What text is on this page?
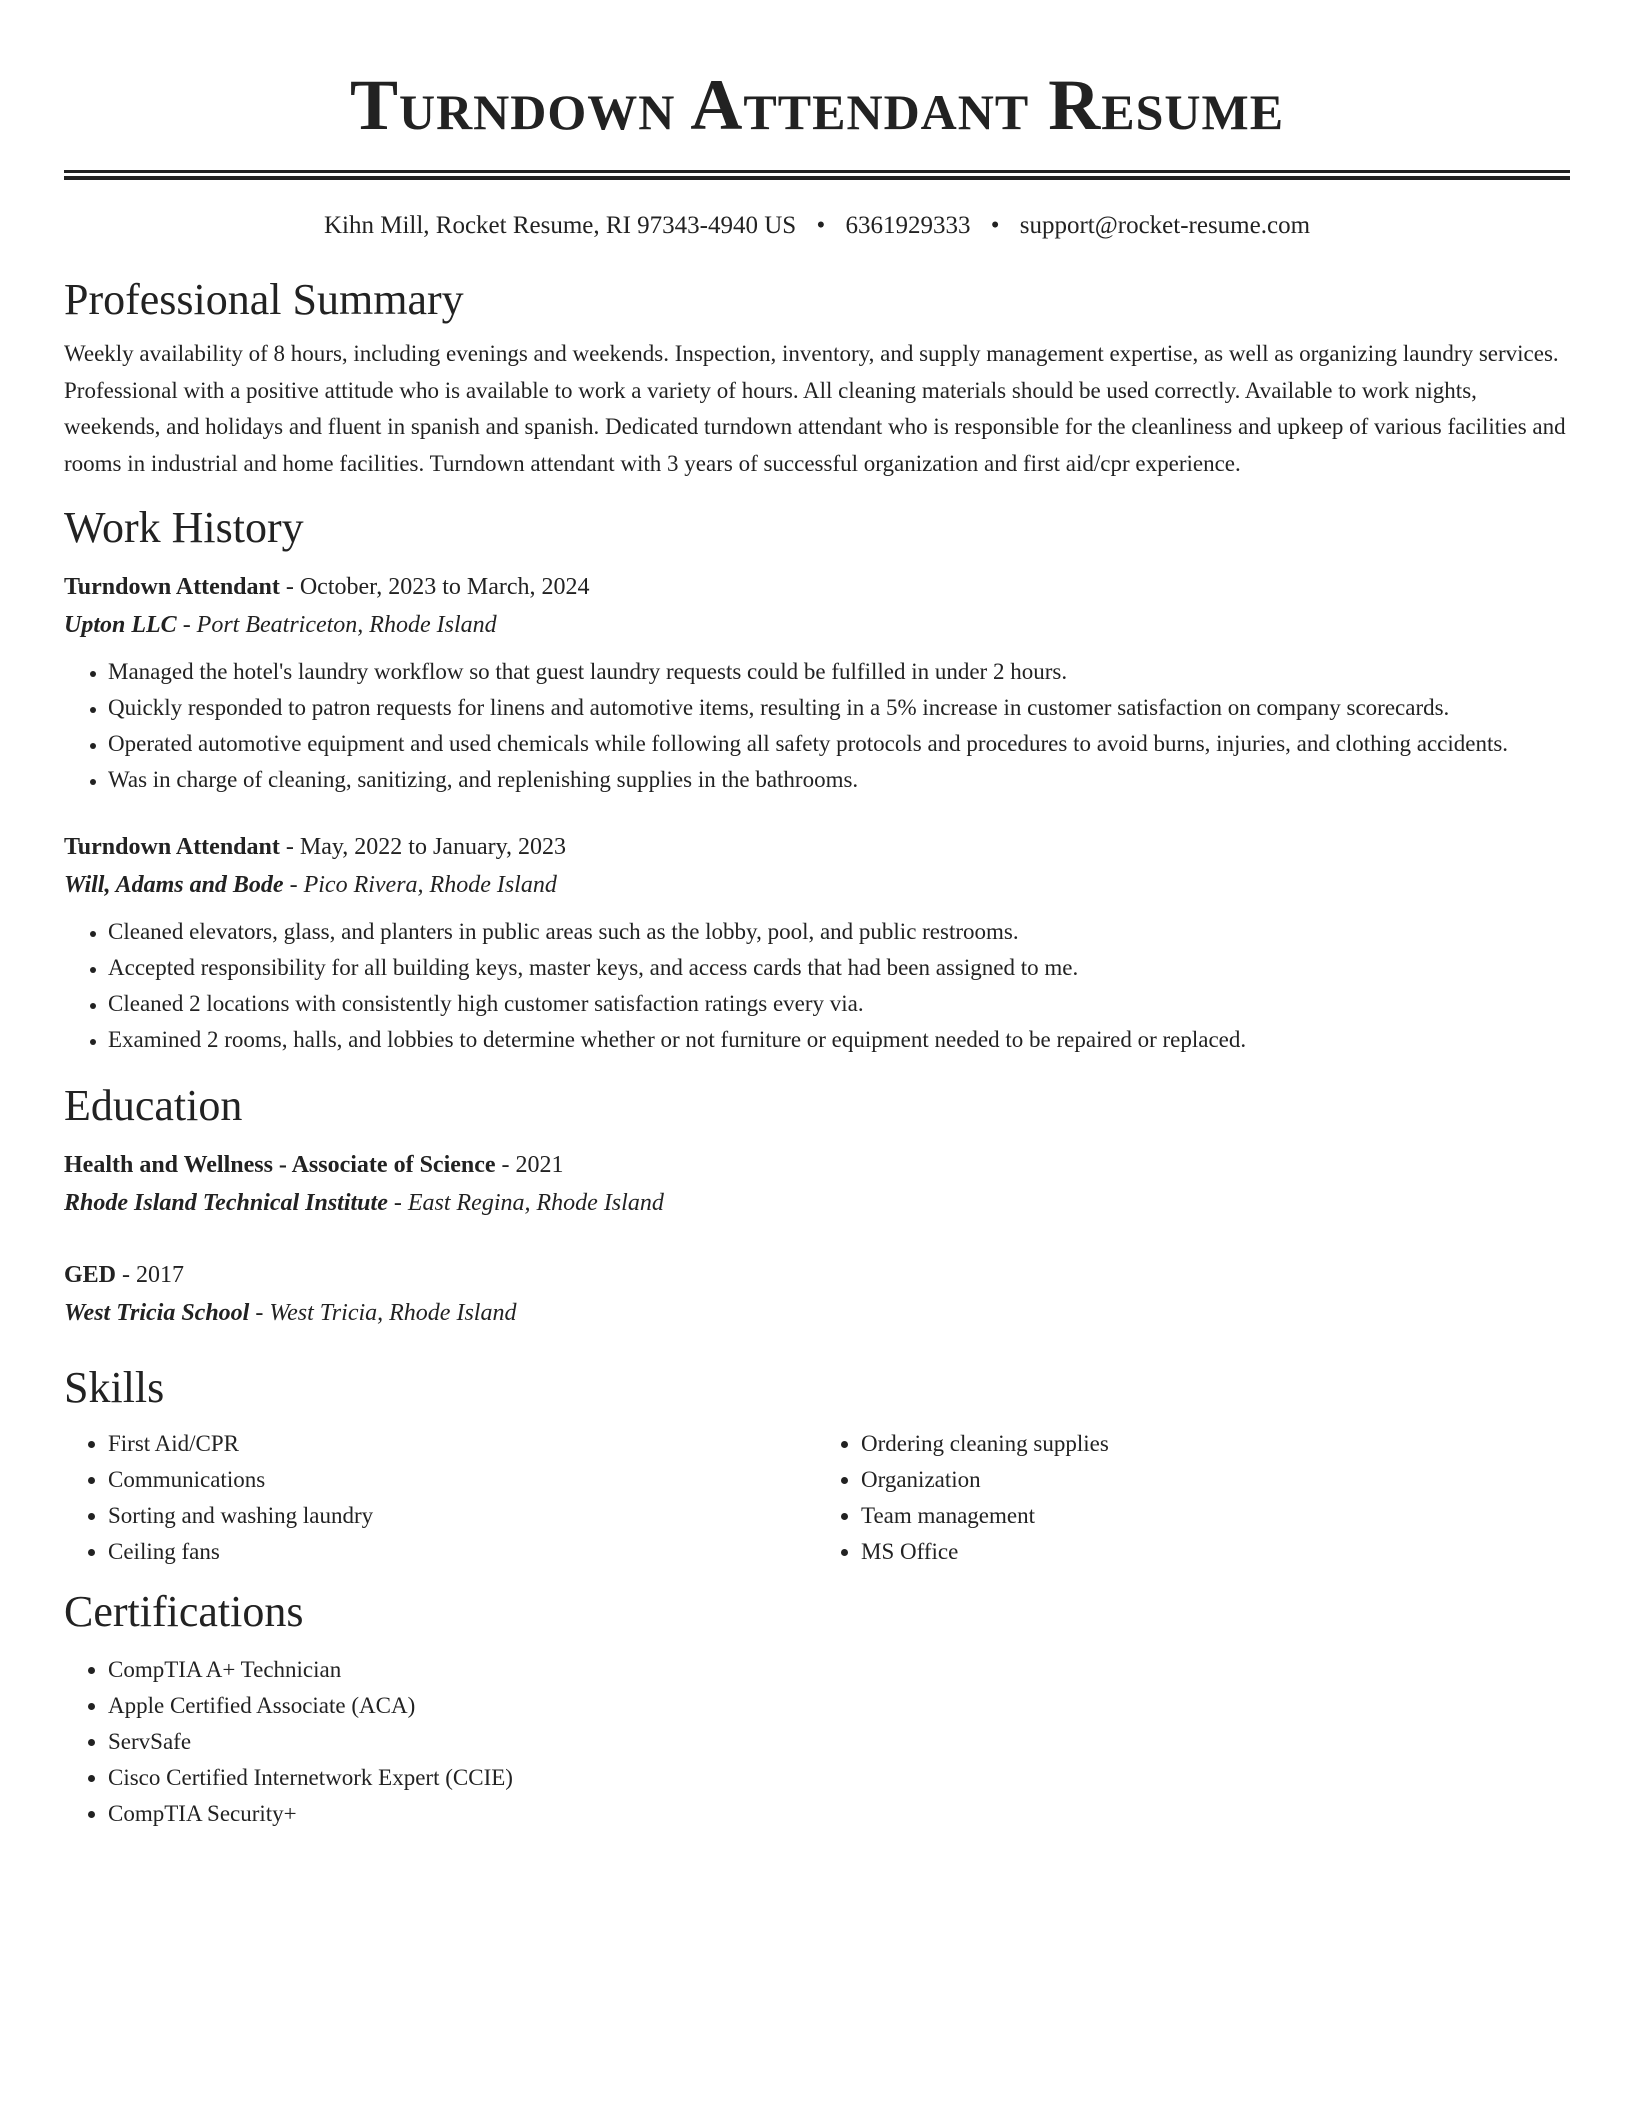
Turndown Attendant Resume
Kihn Mill, Rocket Resume, RI 97343-4940 US • 6361929333 • support@rocket-resume.com
Professional Summary
Weekly availability of 8 hours, including evenings and weekends. Inspection, inventory, and supply management expertise, as well as organizing laundry services. Professional with a positive attitude who is available to work a variety of hours. All cleaning materials should be used correctly. Available to work nights, weekends, and holidays and fluent in spanish and spanish. Dedicated turndown attendant who is responsible for the cleanliness and upkeep of various facilities and rooms in industrial and home facilities. Turndown attendant with 3 years of successful organization and first aid/cpr experience.
Work History
Turndown Attendant - October, 2023 to March, 2024
Upton LLC - Port Beatriceton, Rhode Island
• Managed the hotel's laundry workflow so that guest laundry requests could be fulfilled in under 2 hours.
• Quickly responded to patron requests for linens and automotive items, resulting in a 5% increase in customer satisfaction on company scorecards.
• Operated automotive equipment and used chemicals while following all safety protocols and procedures to avoid burns, injuries, and clothing accidents.
• Was in charge of cleaning, sanitizing, and replenishing supplies in the bathrooms.
Turndown Attendant - May, 2022 to January, 2023
Will, Adams and Bode - Pico Rivera, Rhode Island
• Cleaned elevators, glass, and planters in public areas such as the lobby, pool, and public restrooms.
• Accepted responsibility for all building keys, master keys, and access cards that had been assigned to me.
• Cleaned 2 locations with consistently high customer satisfaction ratings every via.
• Examined 2 rooms, halls, and lobbies to determine whether or not furniture or equipment needed to be repaired or replaced.
Education
Health and Wellness - Associate of Science - 2021
Rhode Island Technical Institute - East Regina, Rhode Island
GED - 2017
West Tricia School - West Tricia, Rhode Island
Skills
• First Aid/CPR
• Communications
• Sorting and washing laundry
• Ceiling fans
• Ordering cleaning supplies
• Organization
• Team management
• MS Office
Certifications
• CompTIA A+ Technician
• Apple Certified Associate (ACA)
• ServSafe
• Cisco Certified Internetwork Expert (CCIE)
• CompTIA Security+
